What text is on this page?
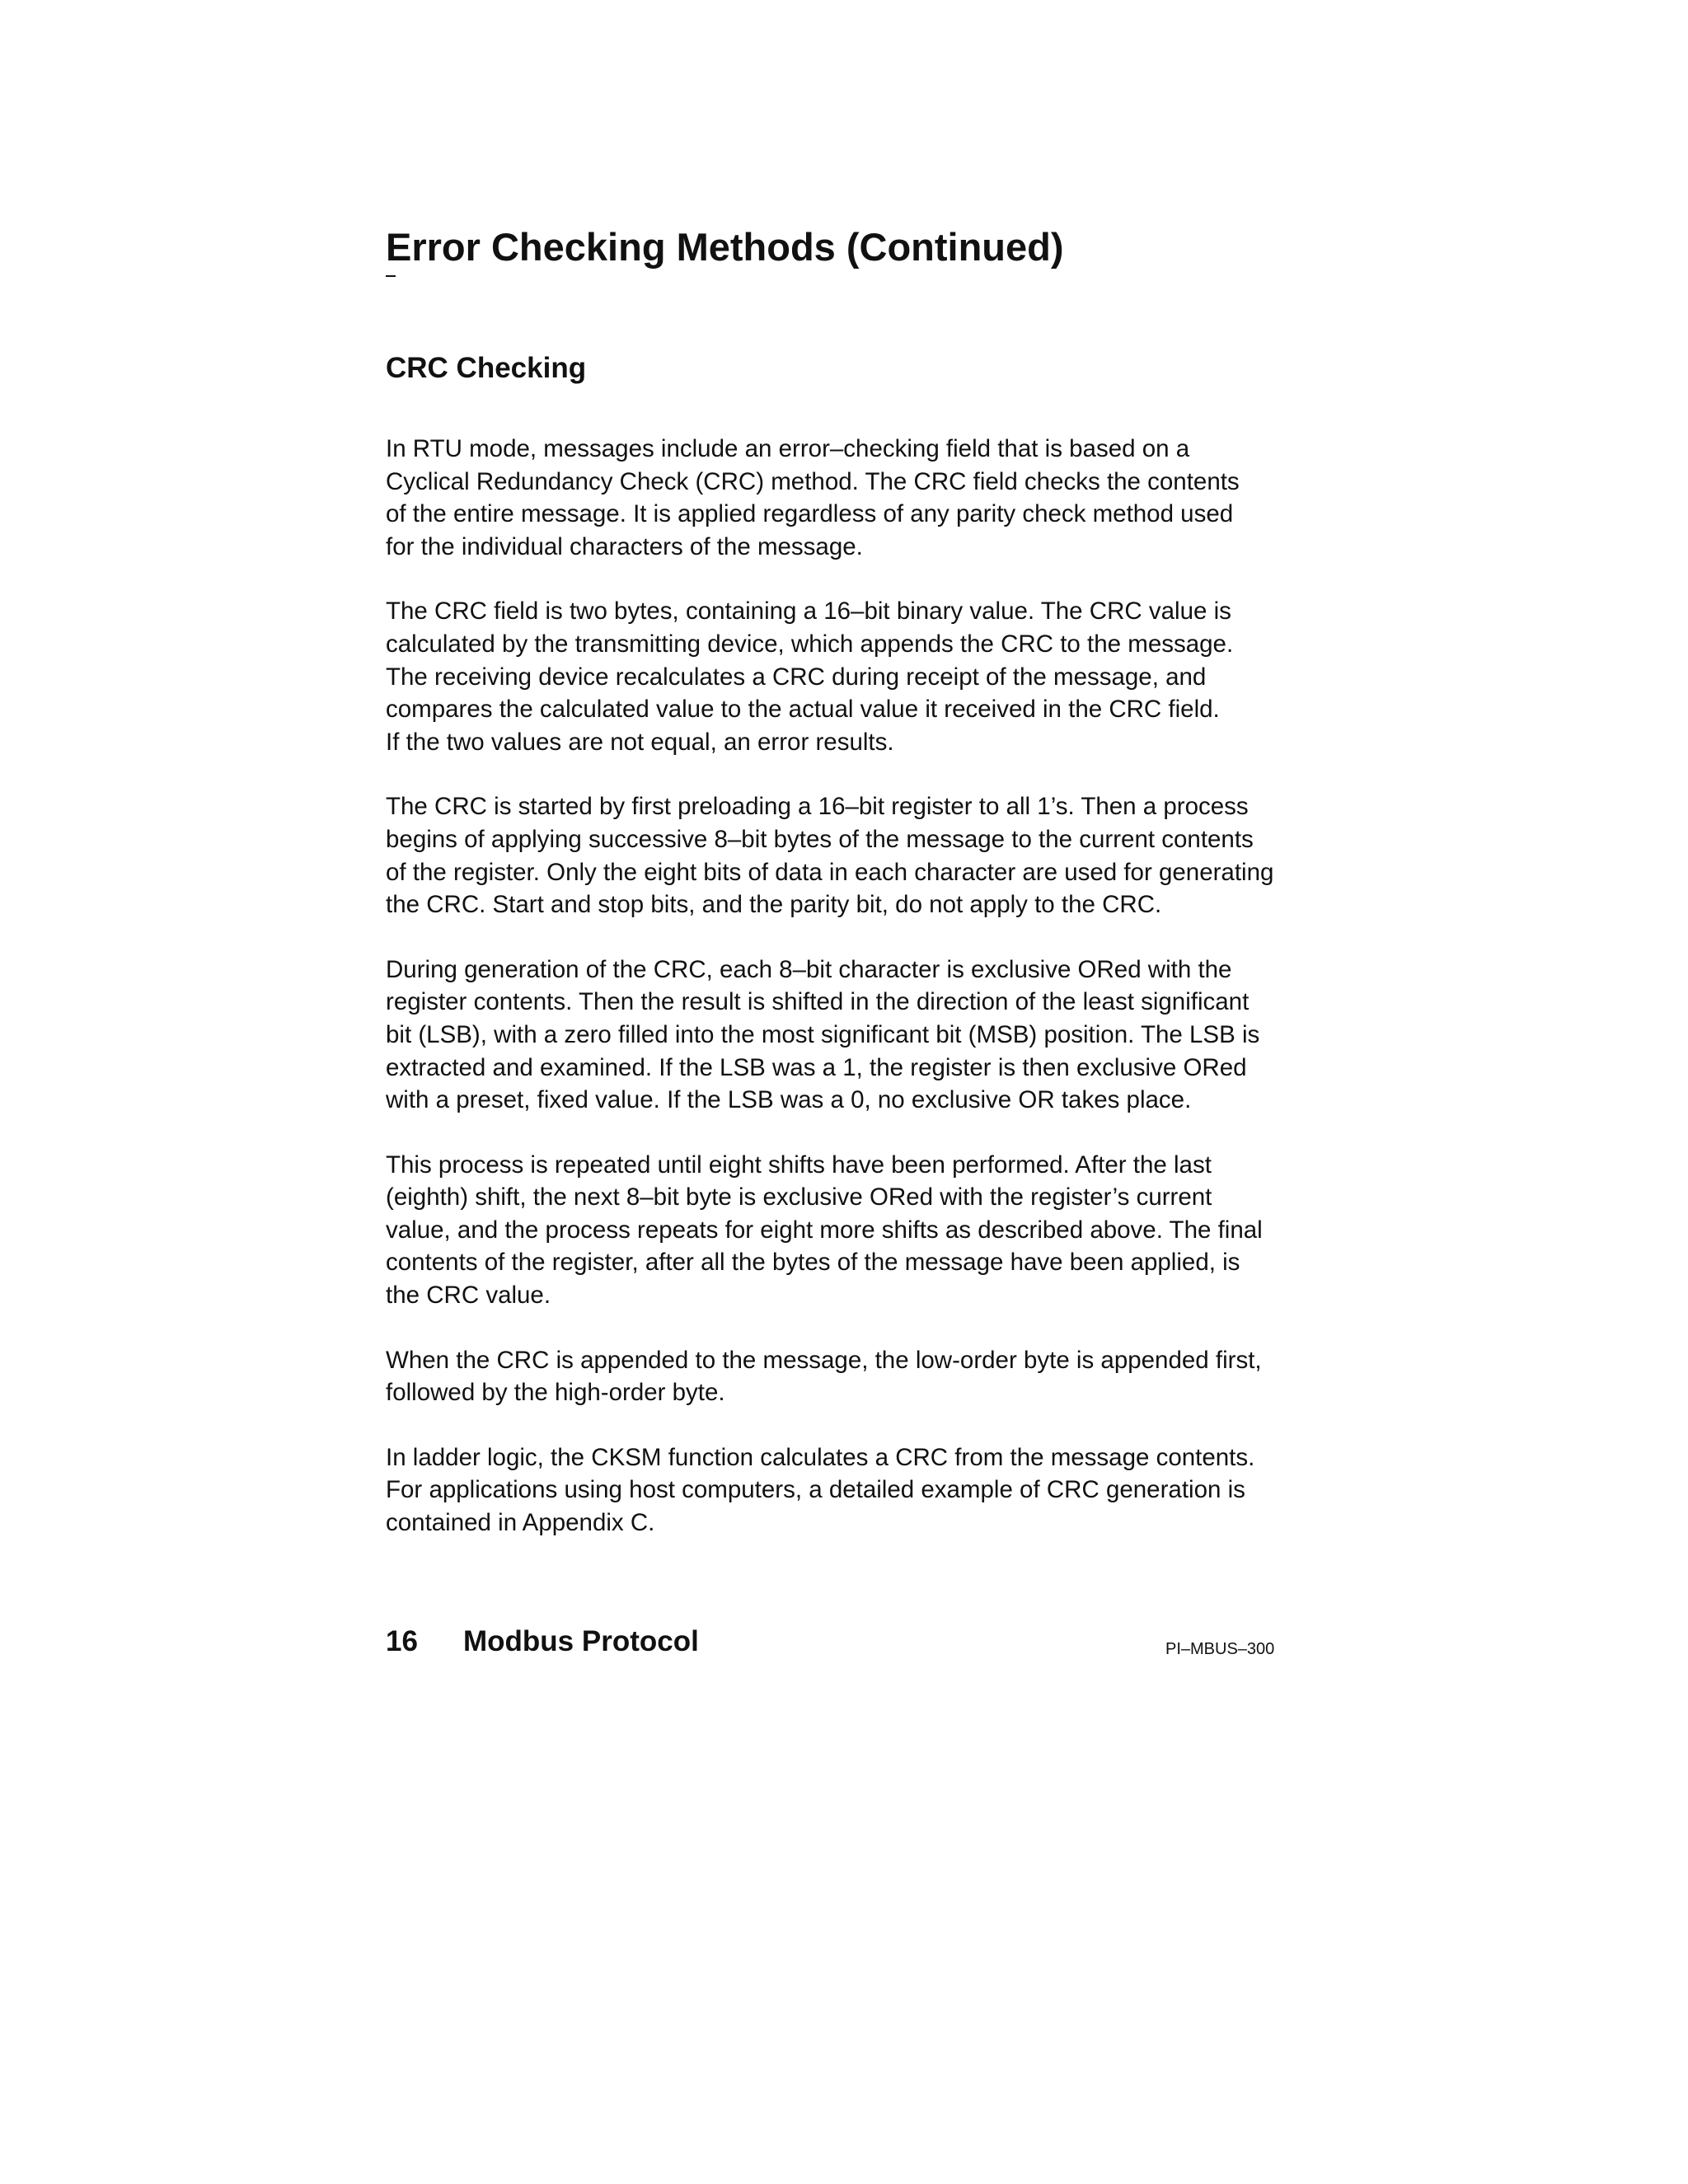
Error Checking Methods (Continued)
CRC Checking

In RTU mode, messages include an error–checking field that is based on a
Cyclical Redundancy Check (CRC) method. The CRC field checks the contents
of the entire message. It is applied regardless of any parity check method used
for the individual characters of the message.

The CRC field is two bytes, containing a 16–bit binary value. The CRC value is
calculated by the transmitting device, which appends the CRC to the message.
The receiving device recalculates a CRC during receipt of the message, and
compares the calculated value to the actual value it received in the CRC field.
If the two values are not equal, an error results.

The CRC is started by first preloading a 16–bit register to all 1’s. Then a process
begins of applying successive 8–bit bytes of the message to the current contents
of the register. Only the eight bits of data in each character are used for generating
the CRC. Start and stop bits, and the parity bit, do not apply to the CRC.

During generation of the CRC, each 8–bit character is exclusive ORed with the
register contents. Then the result is shifted in the direction of the least significant
bit (LSB), with a zero filled into the most significant bit (MSB) position. The LSB is
extracted and examined. If the LSB was a 1, the register is then exclusive ORed
with a preset, fixed value. If the LSB was a 0, no exclusive OR takes place.

This process is repeated until eight shifts have been performed. After the last
(eighth) shift, the next 8–bit byte is exclusive ORed with the register’s current
value, and the process repeats for eight more shifts as described above. The final
contents of the register, after all the bytes of the message have been applied, is
the CRC value.

When the CRC is appended to the message, the low-order byte is appended first,
followed by the high-order byte.

In ladder logic, the CKSM function calculates a CRC from the message contents.
For applications using host computers, a detailed example of CRC generation is
contained in Appendix C.

16 Modbus Protocol	PI–MBUS–300
